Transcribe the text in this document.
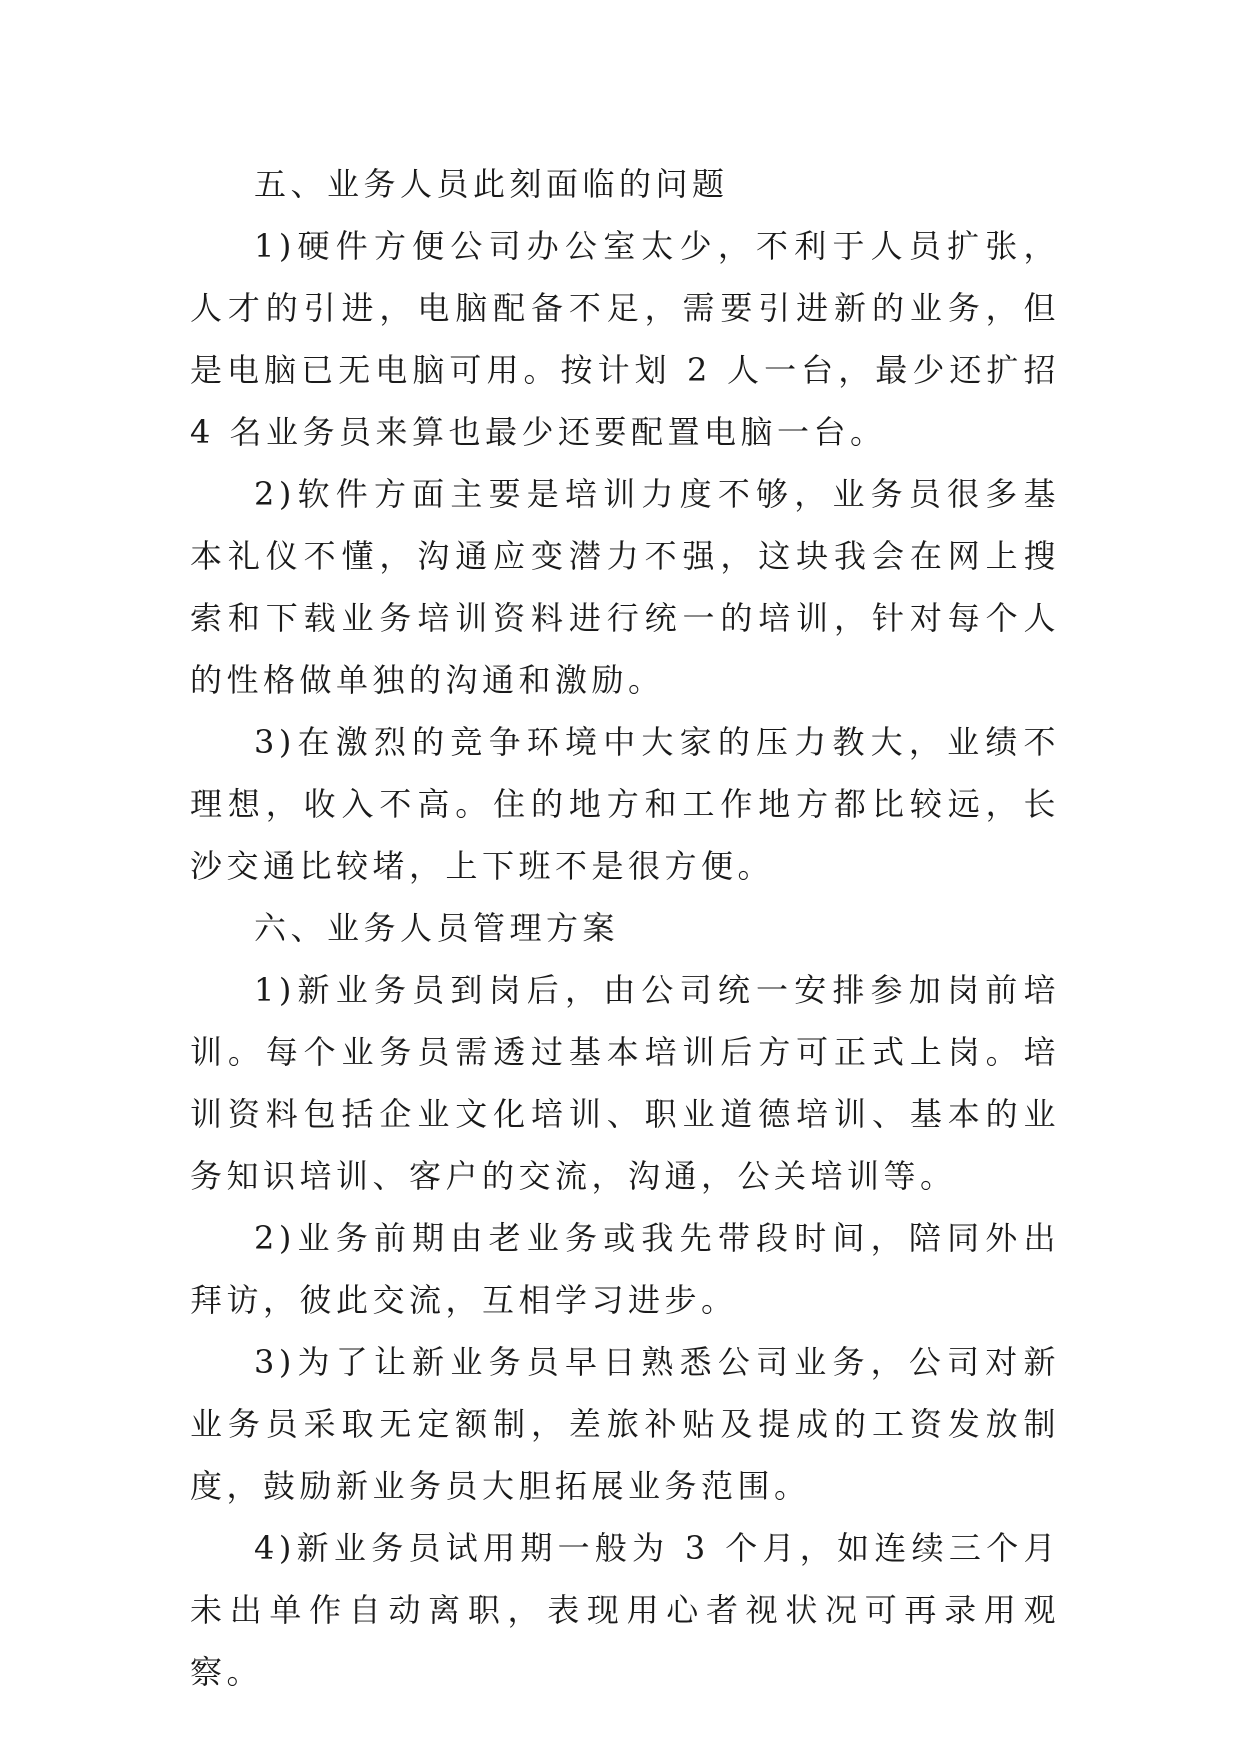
五、业务人员此刻面临的问题

1)硬件方便公司办公室太少，不利于人员扩张，人才的引进，电脑配备不足，需要引进新的业务，但是电脑已无电脑可用。按计划 2 人一台，最少还扩招 4 名业务员来算也最少还要配置电脑一台。

2)软件方面主要是培训力度不够，业务员很多基本礼仪不懂，沟通应变潜力不强，这块我会在网上搜索和下载业务培训资料进行统一的培训，针对每个人的性格做单独的沟通和激励。

3)在激烈的竞争环境中大家的压力教大，业绩不理想，收入不高。住的地方和工作地方都比较远，长沙交通比较堵，上下班不是很方便。

六、业务人员管理方案

1)新业务员到岗后，由公司统一安排参加岗前培训。每个业务员需透过基本培训后方可正式上岗。培训资料包括企业文化培训、职业道德培训、基本的业务知识培训、客户的交流，沟通，公关培训等。

2)业务前期由老业务或我先带段时间，陪同外出拜访，彼此交流，互相学习进步。

3)为了让新业务员早日熟悉公司业务，公司对新业务员采取无定额制，差旅补贴及提成的工资发放制度，鼓励新业务员大胆拓展业务范围。

4)新业务员试用期一般为 3 个月，如连续三个月未出单作自动离职，表现用心者视状况可再录用观察。
